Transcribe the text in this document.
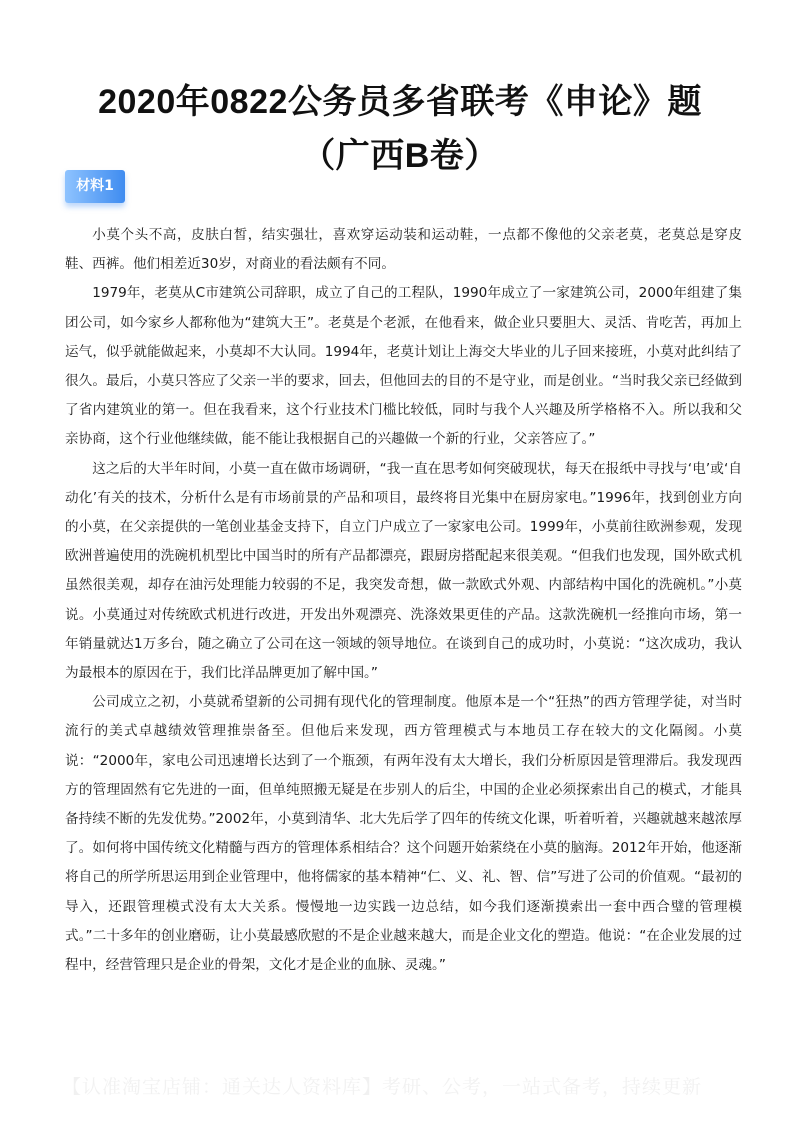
2020年0822公务员多省联考《申论》题
（广西B卷）
材料1

小莫个头不高，皮肤白皙，结实强壮，喜欢穿运动装和运动鞋，一点都不像他的父亲老莫，老莫总是穿皮鞋、西裤。他们相差近30岁，对商业的看法颇有不同。

1979年，老莫从C市建筑公司辞职，成立了自己的工程队，1990年成立了一家建筑公司，2000年组建了集团公司，如今家乡人都称他为“建筑大王”。老莫是个老派，在他看来，做企业只要胆大、灵活、肯吃苦，再加上运气，似乎就能做起来，小莫却不大认同。1994年，老莫计划让上海交大毕业的儿子回来接班，小莫对此纠结了很久。最后，小莫只答应了父亲一半的要求，回去，但他回去的目的不是守业，而是创业。“当时我父亲已经做到了省内建筑业的第一。但在我看来，这个行业技术门槛比较低，同时与我个人兴趣及所学格格不入。所以我和父亲协商，这个行业他继续做，能不能让我根据自己的兴趣做一个新的行业，父亲答应了。”

这之后的大半年时间，小莫一直在做市场调研，“我一直在思考如何突破现状，每天在报纸中寻找与‘电’或‘自动化’有关的技术，分析什么是有市场前景的产品和项目，最终将目光集中在厨房家电。”1996年，找到创业方向的小莫，在父亲提供的一笔创业基金支持下，自立门户成立了一家家电公司。1999年，小莫前往欧洲参观，发现欧洲普遍使用的洗碗机机型比中国当时的所有产品都漂亮，跟厨房搭配起来很美观。“但我们也发现，国外欧式机虽然很美观，却存在油污处理能力较弱的不足，我突发奇想，做一款欧式外观、内部结构中国化的洗碗机。”小莫说。小莫通过对传统欧式机进行改进，开发出外观漂亮、洗涤效果更佳的产品。这款洗碗机一经推向市场，第一年销量就达1万多台，随之确立了公司在这一领域的领导地位。在谈到自己的成功时，小莫说：“这次成功，我认为最根本的原因在于，我们比洋品牌更加了解中国。”

公司成立之初，小莫就希望新的公司拥有现代化的管理制度。他原本是一个“狂热”的西方管理学徒，对当时流行的美式卓越绩效管理推崇备至。但他后来发现，西方管理模式与本地员工存在较大的文化隔阂。小莫说：“2000年，家电公司迅速增长达到了一个瓶颈，有两年没有太大增长，我们分析原因是管理滞后。我发现西方的管理固然有它先进的一面，但单纯照搬无疑是在步别人的后尘，中国的企业必须探索出自己的模式，才能具备持续不断的先发优势。”2002年，小莫到清华、北大先后学了四年的传统文化课，听着听着，兴趣就越来越浓厚了。如何将中国传统文化精髓与西方的管理体系相结合？这个问题开始萦绕在小莫的脑海。2012年开始，他逐渐将自己的所学所思运用到企业管理中，他将儒家的基本精神“仁、义、礼、智、信”写进了公司的价值观。“最初的导入，还跟管理模式没有太大关系。慢慢地一边实践一边总结，如今我们逐渐摸索出一套中西合璧的管理模式。”二十多年的创业磨砺，让小莫最感欣慰的不是企业越来越大，而是企业文化的塑造。他说：“在企业发展的过程中，经营管理只是企业的骨架，文化才是企业的血脉、灵魂。”

【认准淘宝店铺：通关达人资料库】考研、公考，一站式备考，持续更新
